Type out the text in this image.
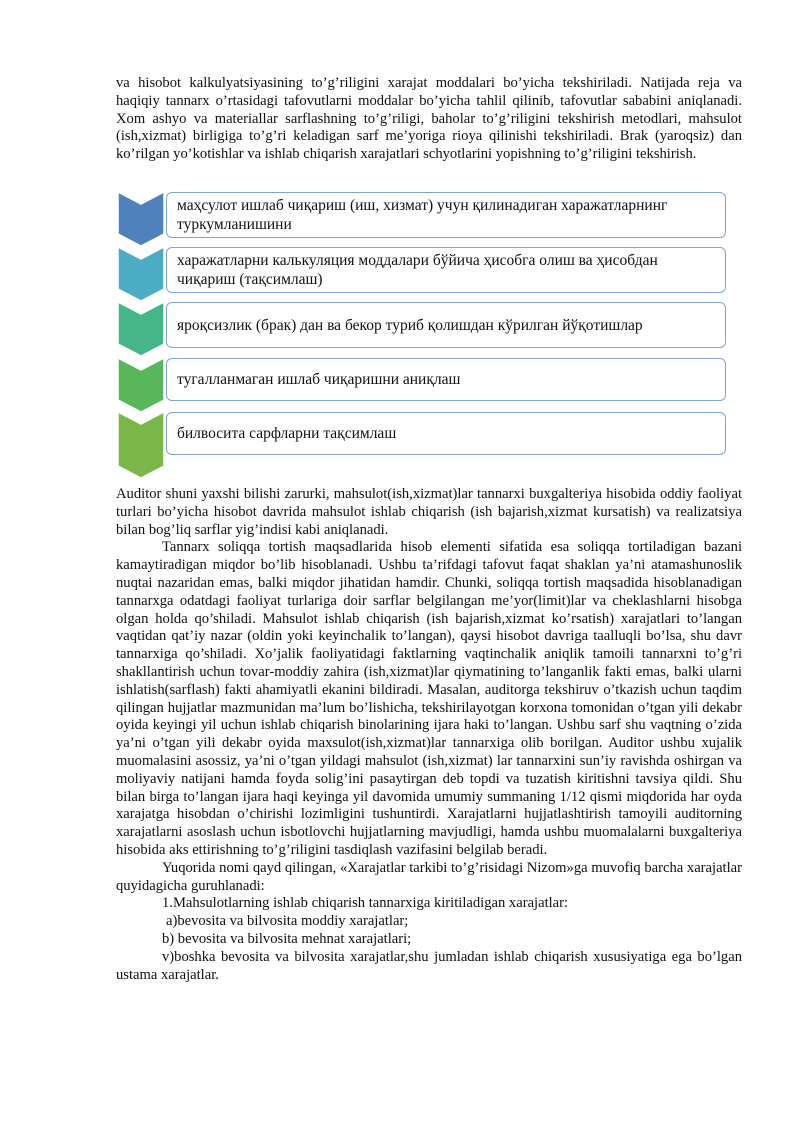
va hisobot kalkulyatsiyasining to’g’riligini xarajat moddalari bo’yicha tekshiriladi. Natijada reja va haqiqiy tannarx o’rtasidagi tafovutlarni moddalar bo’yicha tahlil qilinib, tafovutlar sababini aniqlanadi. Xom ashyo va materiallar sarflashning to’g’riligi, baholar to’g’riligini tekshirish metodlari, mahsulot (ish,xizmat) birligiga to’g’ri keladigan sarf me’yoriga rioya qilinishi tekshiriladi. Brak (yaroqsiz) dan ko’rilgan yo’kotishlar va ishlab chiqarish xarajatlari schyotlarini yopishning to’g’riligini tekshirish.

маҳсулот ишлаб чиқариш (иш, хизмат) учун қилинадиган харажатларнинг туркумланишини
харажатларни калькуляция моддалари бўйича ҳисобга олиш ва ҳисобдан чиқариш (тақсимлаш)
яроқсизлик (брак) дан ва бекор туриб қолишдан кўрилган йўқотишлар
тугалланмаган ишлаб чиқаришни аниқлаш
билвосита сарфларни тақсимлаш

Auditor shuni yaxshi bilishi zarurki, mahsulot(ish,xizmat)lar tannarxi buxgalteriya hisobida oddiy faoliyat turlari bo’yicha hisobot davrida mahsulot ishlab chiqarish (ish bajarish,xizmat kursatish) va realizatsiya bilan bog’liq sarflar yig’indisi kabi aniqlanadi.

Tannarx soliqqa tortish maqsadlarida hisob elementi sifatida esa soliqqa tortiladigan bazani kamaytiradigan miqdor bo’lib hisoblanadi. Ushbu ta’rifdagi tafovut faqat shaklan ya’ni atamashunoslik nuqtai nazaridan emas, balki miqdor jihatidan hamdir. Chunki, soliqqa tortish maqsadida hisoblanadigan tannarxga odatdagi faoliyat turlariga doir sarflar belgilangan me’yor(limit)lar va cheklashlarni hisobga olgan holda qo’shiladi. Mahsulot ishlab chiqarish (ish bajarish,xizmat ko’rsatish) xarajatlari to’langan vaqtidan qat’iy nazar (oldin yoki keyinchalik to’langan), qaysi hisobot davriga taalluqli bo’lsa, shu davr tannarxiga qo’shiladi. Xo’jalik faoliyatidagi faktlarning vaqtinchalik aniqlik tamoili tannarxni to’g’ri shakllantirish uchun tovar-moddiy zahira (ish,xizmat)lar qiymatining to’langanlik fakti emas, balki ularni ishlatish(sarflash) fakti ahamiyatli ekanini bildiradi. Masalan, auditorga tekshiruv o’tkazish uchun taqdim qilingan hujjatlar mazmunidan ma’lum bo’lishicha, tekshirilayotgan korxona tomonidan o’tgan yili dekabr oyida keyingi yil uchun ishlab chiqarish binolarining ijara haki to’langan. Ushbu sarf shu vaqtning o’zida ya’ni o’tgan yili dekabr oyida maxsulot(ish,xizmat)lar tannarxiga olib borilgan. Auditor ushbu xujalik muomalasini asossiz, ya’ni o’tgan yildagi mahsulot (ish,xizmat) lar tannarxini sun’iy ravishda oshirgan va moliyaviy natijani hamda foyda solig’ini pasaytirgan deb topdi va tuzatish kiritishni tavsiya qildi. Shu bilan birga to’langan ijara haqi keyinga yil davomida umumiy summaning 1/12 qismi miqdorida har oyda xarajatga hisobdan o’chirishi lozimligini tushuntirdi. Xarajatlarni hujjatlashtirish tamoyili auditorning xarajatlarni asoslash uchun isbotlovchi hujjatlarning mavjudligi, hamda ushbu muomalalarni buxgalteriya hisobida aks ettirishning to’g’riligini tasdiqlash vazifasini belgilab beradi.

Yuqorida nomi qayd qilingan, «Xarajatlar tarkibi to’g’risidagi Nizom»ga muvofiq barcha xarajatlar quyidagicha guruhlanadi:

1.Mahsulotlarning ishlab chiqarish tannarxiga kiritiladigan xarajatlar:

a)bevosita va bilvosita moddiy xarajatlar;

b) bevosita va bilvosita mehnat xarajatlari;

v)boshka bevosita va bilvosita xarajatlar,shu jumladan ishlab chiqarish xususiyatiga ega bo’lgan ustama xarajatlar.
